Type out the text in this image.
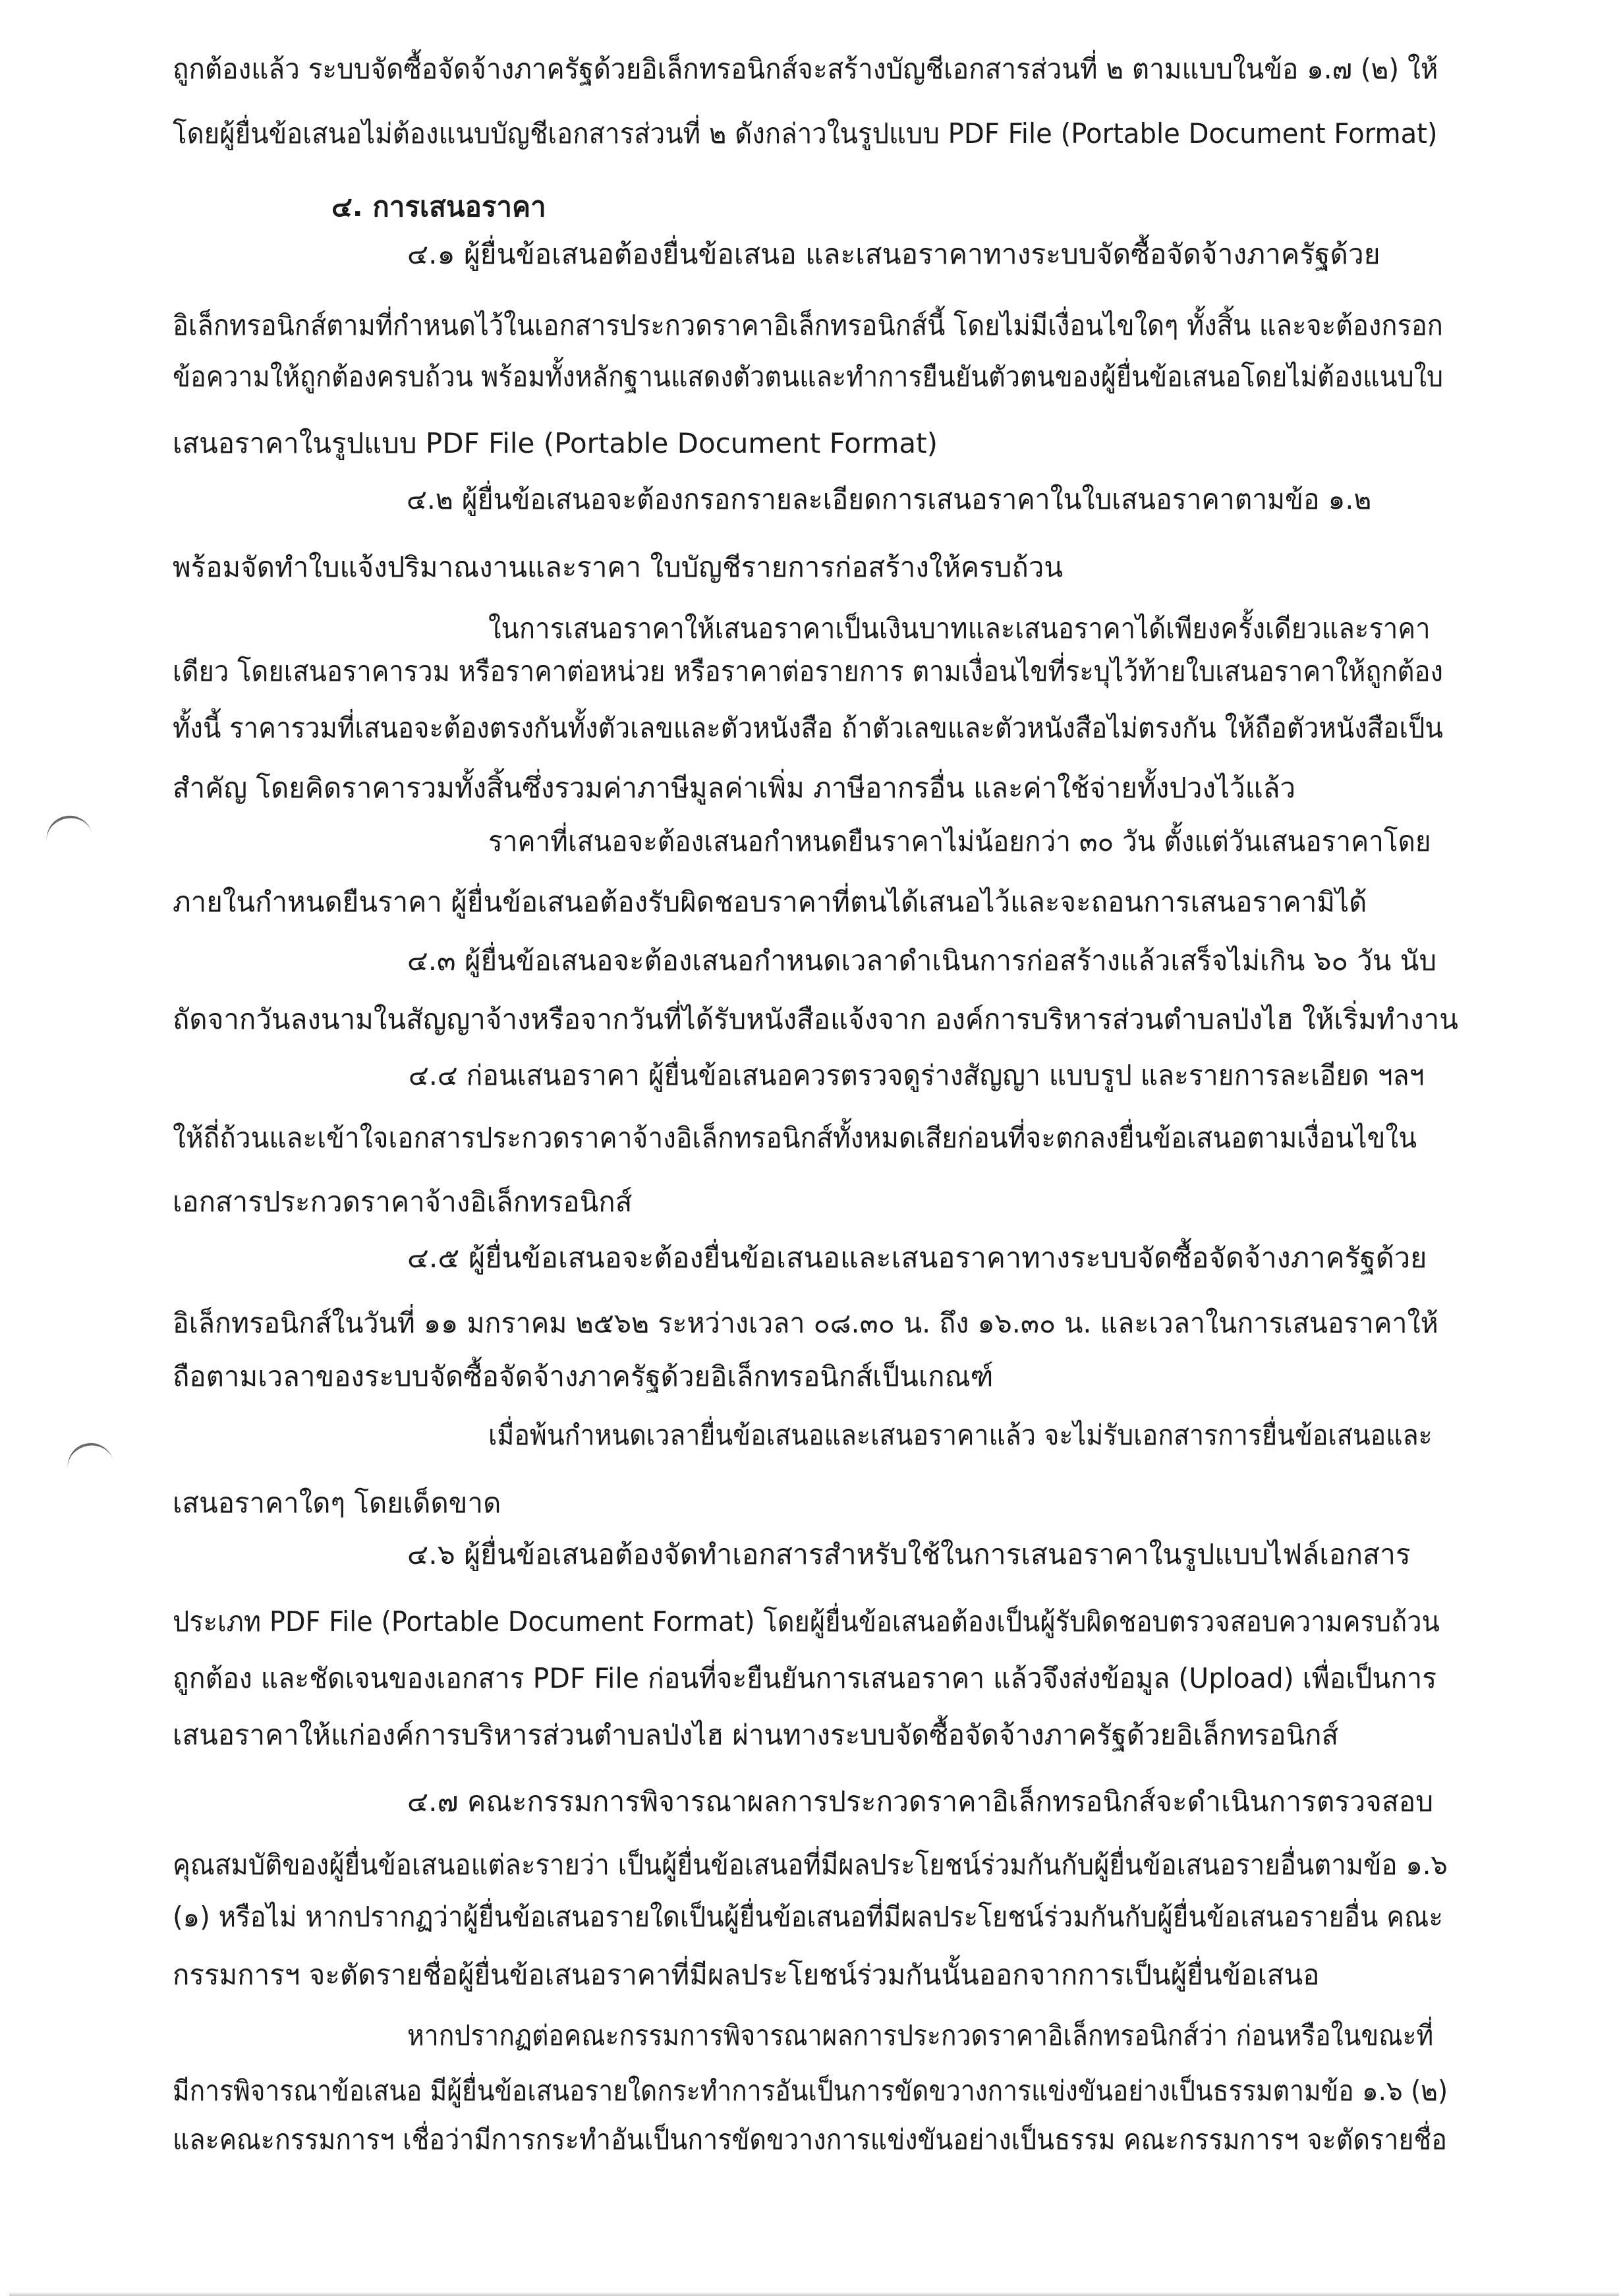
ถูกต้องแล้ว ระบบจัดซื้อจัดจ้างภาครัฐด้วยอิเล็กทรอนิกส์จะสร้างบัญชีเอกสารส่วนที่ ๒ ตามแบบในข้อ ๑.๗ (๒) ให้
โดยผู้ยื่นข้อเสนอไม่ต้องแนบบัญชีเอกสารส่วนที่ ๒ ดังกล่าวในรูปแบบ PDF File (Portable Document Format)
๔. การเสนอราคา
๔.๑ ผู้ยื่นข้อเสนอต้องยื่นข้อเสนอ และเสนอราคาทางระบบจัดซื้อจัดจ้างภาครัฐด้วย
อิเล็กทรอนิกส์ตามที่กำหนดไว้ในเอกสารประกวดราคาอิเล็กทรอนิกส์นี้ โดยไม่มีเงื่อนไขใดๆ ทั้งสิ้น และจะต้องกรอก
ข้อความให้ถูกต้องครบถ้วน พร้อมทั้งหลักฐานแสดงตัวตนและทำการยืนยันตัวตนของผู้ยื่นข้อเสนอโดยไม่ต้องแนบใบ
เสนอราคาในรูปแบบ PDF File (Portable Document Format)
๔.๒ ผู้ยื่นข้อเสนอจะต้องกรอกรายละเอียดการเสนอราคาในใบเสนอราคาตามข้อ ๑.๒
พร้อมจัดทำใบแจ้งปริมาณงานและราคา ใบบัญชีรายการก่อสร้างให้ครบถ้วน
ในการเสนอราคาให้เสนอราคาเป็นเงินบาทและเสนอราคาได้เพียงครั้งเดียวและราคา
เดียว โดยเสนอราคารวม หรือราคาต่อหน่วย หรือราคาต่อรายการ ตามเงื่อนไขที่ระบุไว้ท้ายใบเสนอราคาให้ถูกต้อง
ทั้งนี้ ราคารวมที่เสนอจะต้องตรงกันทั้งตัวเลขและตัวหนังสือ ถ้าตัวเลขและตัวหนังสือไม่ตรงกัน ให้ถือตัวหนังสือเป็น
สำคัญ โดยคิดราคารวมทั้งสิ้นซึ่งรวมค่าภาษีมูลค่าเพิ่ม ภาษีอากรอื่น และค่าใช้จ่ายทั้งปวงไว้แล้ว
ราคาที่เสนอจะต้องเสนอกำหนดยืนราคาไม่น้อยกว่า ๓๐ วัน ตั้งแต่วันเสนอราคาโดย
ภายในกำหนดยืนราคา ผู้ยื่นข้อเสนอต้องรับผิดชอบราคาที่ตนได้เสนอไว้และจะถอนการเสนอราคามิได้
๔.๓ ผู้ยื่นข้อเสนอจะต้องเสนอกำหนดเวลาดำเนินการก่อสร้างแล้วเสร็จไม่เกิน ๖๐ วัน นับ
ถัดจากวันลงนามในสัญญาจ้างหรือจากวันที่ได้รับหนังสือแจ้งจาก องค์การบริหารส่วนตำบลป่งไฮ ให้เริ่มทำงาน
๔.๔ ก่อนเสนอราคา ผู้ยื่นข้อเสนอควรตรวจดูร่างสัญญา แบบรูป และรายการละเอียด ฯลฯ
ให้ถี่ถ้วนและเข้าใจเอกสารประกวดราคาจ้างอิเล็กทรอนิกส์ทั้งหมดเสียก่อนที่จะตกลงยื่นข้อเสนอตามเงื่อนไขใน
เอกสารประกวดราคาจ้างอิเล็กทรอนิกส์
๔.๕ ผู้ยื่นข้อเสนอจะต้องยื่นข้อเสนอและเสนอราคาทางระบบจัดซื้อจัดจ้างภาครัฐด้วย
อิเล็กทรอนิกส์ในวันที่ ๑๑ มกราคม ๒๕๖๒ ระหว่างเวลา ๐๘.๓๐ น. ถึง ๑๖.๓๐ น. และเวลาในการเสนอราคาให้
ถือตามเวลาของระบบจัดซื้อจัดจ้างภาครัฐด้วยอิเล็กทรอนิกส์เป็นเกณฑ์
เมื่อพ้นกำหนดเวลายื่นข้อเสนอและเสนอราคาแล้ว จะไม่รับเอกสารการยื่นข้อเสนอและ
เสนอราคาใดๆ โดยเด็ดขาด
๔.๖ ผู้ยื่นข้อเสนอต้องจัดทำเอกสารสำหรับใช้ในการเสนอราคาในรูปแบบไฟล์เอกสาร
ประเภท PDF File (Portable Document Format) โดยผู้ยื่นข้อเสนอต้องเป็นผู้รับผิดชอบตรวจสอบความครบถ้วน
ถูกต้อง และชัดเจนของเอกสาร PDF File ก่อนที่จะยืนยันการเสนอราคา แล้วจึงส่งข้อมูล (Upload) เพื่อเป็นการ
เสนอราคาให้แก่องค์การบริหารส่วนตำบลป่งไฮ ผ่านทางระบบจัดซื้อจัดจ้างภาครัฐด้วยอิเล็กทรอนิกส์
๔.๗ คณะกรรมการพิจารณาผลการประกวดราคาอิเล็กทรอนิกส์จะดำเนินการตรวจสอบ
คุณสมบัติของผู้ยื่นข้อเสนอแต่ละรายว่า เป็นผู้ยื่นข้อเสนอที่มีผลประโยชน์ร่วมกันกับผู้ยื่นข้อเสนอรายอื่นตามข้อ ๑.๖
(๑) หรือไม่ หากปรากฏว่าผู้ยื่นข้อเสนอรายใดเป็นผู้ยื่นข้อเสนอที่มีผลประโยชน์ร่วมกันกับผู้ยื่นข้อเสนอรายอื่น คณะ
กรรมการฯ จะตัดรายชื่อผู้ยื่นข้อเสนอราคาที่มีผลประโยชน์ร่วมกันนั้นออกจากการเป็นผู้ยื่นข้อเสนอ
หากปรากฏต่อคณะกรรมการพิจารณาผลการประกวดราคาอิเล็กทรอนิกส์ว่า ก่อนหรือในขณะที่
มีการพิจารณาข้อเสนอ มีผู้ยื่นข้อเสนอรายใดกระทำการอันเป็นการขัดขวางการแข่งขันอย่างเป็นธรรมตามข้อ ๑.๖ (๒)
และคณะกรรมการฯ เชื่อว่ามีการกระทำอันเป็นการขัดขวางการแข่งขันอย่างเป็นธรรม คณะกรรมการฯ จะตัดรายชื่อ
